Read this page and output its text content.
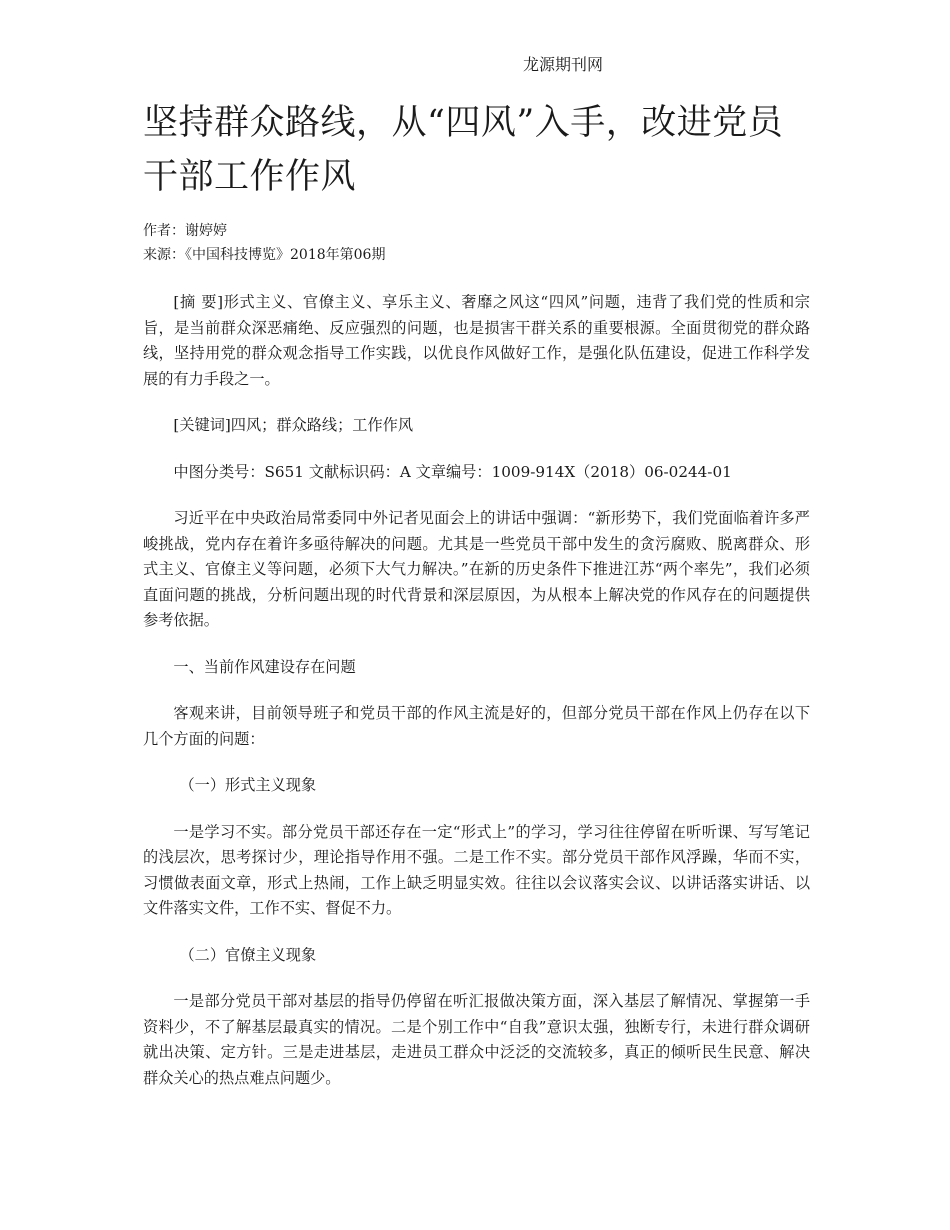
龙源期刊网
坚持群众路线，从“四风”入手，改进党员干部工作作风
作者：谢婷婷
来源：《中国科技博览》2018年第06期

[摘 要]形式主义、官僚主义、享乐主义、奢靡之风这“四风”问题，违背了我们党的性质和宗旨，是当前群众深恶痛绝、反应强烈的问题，也是损害干群关系的重要根源。全面贯彻党的群众路线，坚持用党的群众观念指导工作实践，以优良作风做好工作，是强化队伍建设，促进工作科学发展的有力手段之一。

[关键词]四风；群众路线；工作作风

中图分类号：S651 文献标识码：A 文章编号：1009-914X（2018）06-0244-01

习近平在中央政治局常委同中外记者见面会上的讲话中强调：“新形势下，我们党面临着许多严峻挑战，党内存在着许多亟待解决的问题。尤其是一些党员干部中发生的贪污腐败、脱离群众、形式主义、官僚主义等问题，必须下大气力解决。”在新的历史条件下推进江苏“两个率先”，我们必须直面问题的挑战，分析问题出现的时代背景和深层原因，为从根本上解决党的作风存在的问题提供参考依据。

一、当前作风建设存在问题

客观来讲，目前领导班子和党员干部的作风主流是好的，但部分党员干部在作风上仍存在以下几个方面的问题：

（一）形式主义现象

一是学习不实。部分党员干部还存在一定“形式上”的学习，学习往往停留在听听课、写写笔记的浅层次，思考探讨少，理论指导作用不强。二是工作不实。部分党员干部作风浮躁，华而不实，习惯做表面文章，形式上热闹，工作上缺乏明显实效。往往以会议落实会议、以讲话落实讲话、以文件落实文件，工作不实、督促不力。

（二）官僚主义现象

一是部分党员干部对基层的指导仍停留在听汇报做决策方面，深入基层了解情况、掌握第一手资料少，不了解基层最真实的情况。二是个别工作中“自我”意识太强，独断专行，未进行群众调研就出决策、定方针。三是走进基层，走进员工群众中泛泛的交流较多，真正的倾听民生民意、解决群众关心的热点难点问题少。
